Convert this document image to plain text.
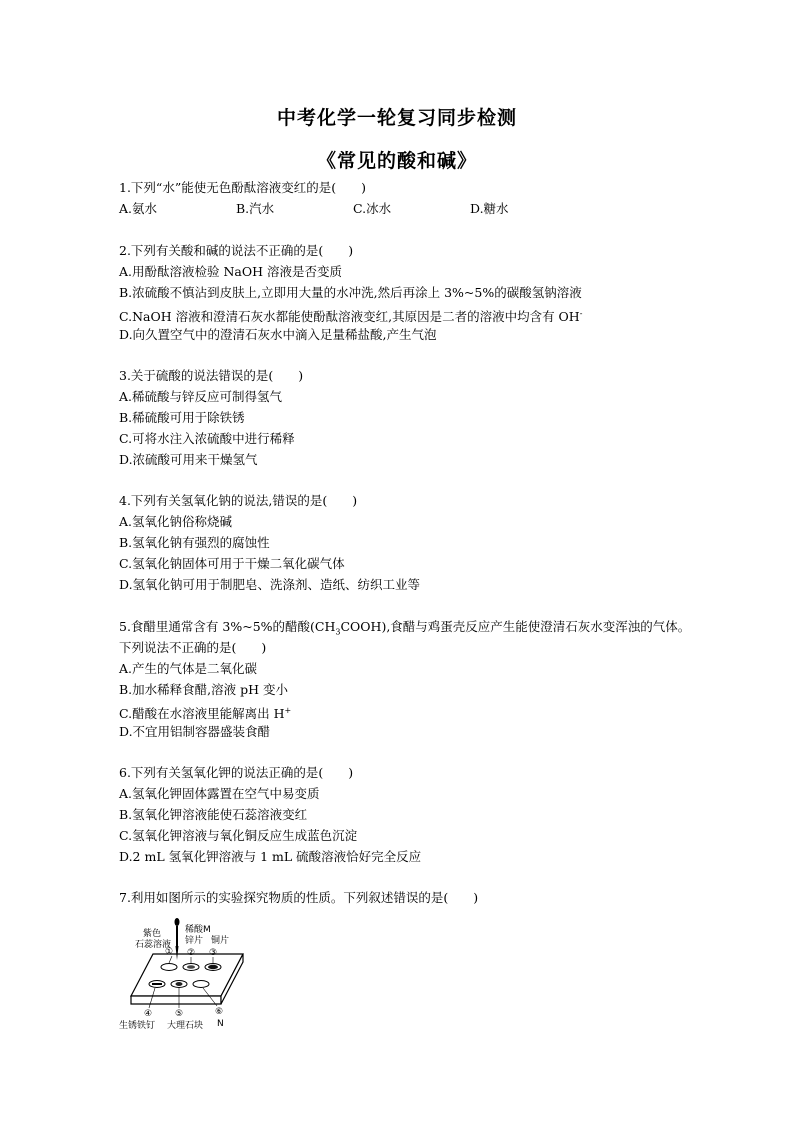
中考化学一轮复习同步检测
《常见的酸和碱》
1.下列“水”能使无色酚酞溶液变红的是(　　)
A.氨水	B.汽水	C.冰水	D.糖水
2.下列有关酸和碱的说法不正确的是(　　)
A.用酚酞溶液检验 NaOH 溶液是否变质
B.浓硫酸不慎沾到皮肤上,立即用大量的水冲洗,然后再涂上 3%~5%的碳酸氢钠溶液
C.NaOH 溶液和澄清石灰水都能使酚酞溶液变红,其原因是二者的溶液中均含有 OH-
D.向久置空气中的澄清石灰水中滴入足量稀盐酸,产生气泡
3.关于硫酸的说法错误的是(　　)
A.稀硫酸与锌反应可制得氢气
B.稀硫酸可用于除铁锈
C.可将水注入浓硫酸中进行稀释
D.浓硫酸可用来干燥氢气
4.下列有关氢氧化钠的说法,错误的是(　　)
A.氢氧化钠俗称烧碱
B.氢氧化钠有强烈的腐蚀性
C.氢氧化钠固体可用于干燥二氧化碳气体
D.氢氧化钠可用于制肥皂、洗涤剂、造纸、纺织工业等
5.食醋里通常含有 3%~5%的醋酸$(CH_3COOH)$,食醋与鸡蛋壳反应产生能使澄清石灰水变浑浊的气体。
下列说法不正确的是(　　)
A.产生的气体是二氧化碳
B.加水稀释食醋,溶液 pH 变小
C.醋酸在水溶液里能解离出 H+
D.不宜用铝制容器盛装食醋
6.下列有关氢氧化钾的说法正确的是(　　)
A.氢氧化钾固体露置在空气中易变质
B.氢氧化钾溶液能使石蕊溶液变红
C.氢氧化钾溶液与氧化铜反应生成蓝色沉淀
D.2 mL 氢氧化钾溶液与 1 mL 硫酸溶液恰好完全反应
7.利用如图所示的实验探究物质的性质。下列叙述错误的是(　　)
紫色
石蕊溶液
稀酸M
锌片 铜片
① ② ③
④	⑤	⑥
生锈铁钉 大理石块 N
